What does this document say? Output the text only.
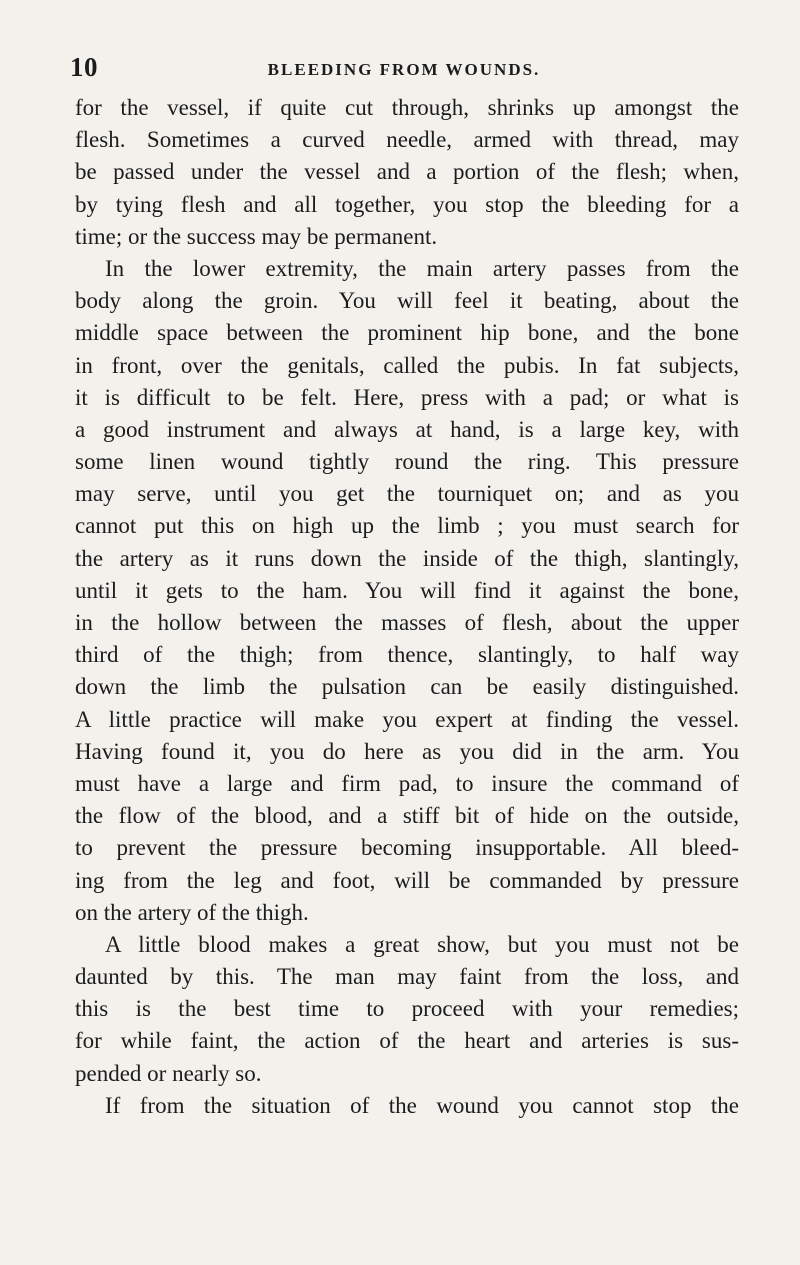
10	BLEEDING FROM WOUNDS.
for the vessel, if quite cut through, shrinks up amongst the
flesh. Sometimes a curved needle, armed with thread, may
be passed under the vessel and a portion of the flesh; when,
by tying flesh and all together, you stop the bleeding for a
time; or the success may be permanent.
In the lower extremity, the main artery passes from the
body along the groin. You will feel it beating, about the
middle space between the prominent hip bone, and the bone
in front, over the genitals, called the pubis. In fat subjects,
it is difficult to be felt. Here, press with a pad; or what is
a good instrument and always at hand, is a large key, with
some linen wound tightly round the ring. This pressure
may serve, until you get the tourniquet on; and as you
cannot put this on high up the limb ; you must search for
the artery as it runs down the inside of the thigh, slantingly,
until it gets to the ham. You will find it against the bone,
in the hollow between the masses of flesh, about the upper
third of the thigh; from thence, slantingly, to half way
down the limb the pulsation can be easily distinguished.
A little practice will make you expert at finding the vessel.
Having found it, you do here as you did in the arm. You
must have a large and firm pad, to insure the command of
the flow of the blood, and a stiff bit of hide on the outside,
to prevent the pressure becoming insupportable. All bleed-
ing from the leg and foot, will be commanded by pressure
on the artery of the thigh.
A little blood makes a great show, but you must not be
daunted by this. The man may faint from the loss, and
this is the best time to proceed with your remedies;
for while faint, the action of the heart and arteries is sus-
pended or nearly so.
If from the situation of the wound you cannot stop the
